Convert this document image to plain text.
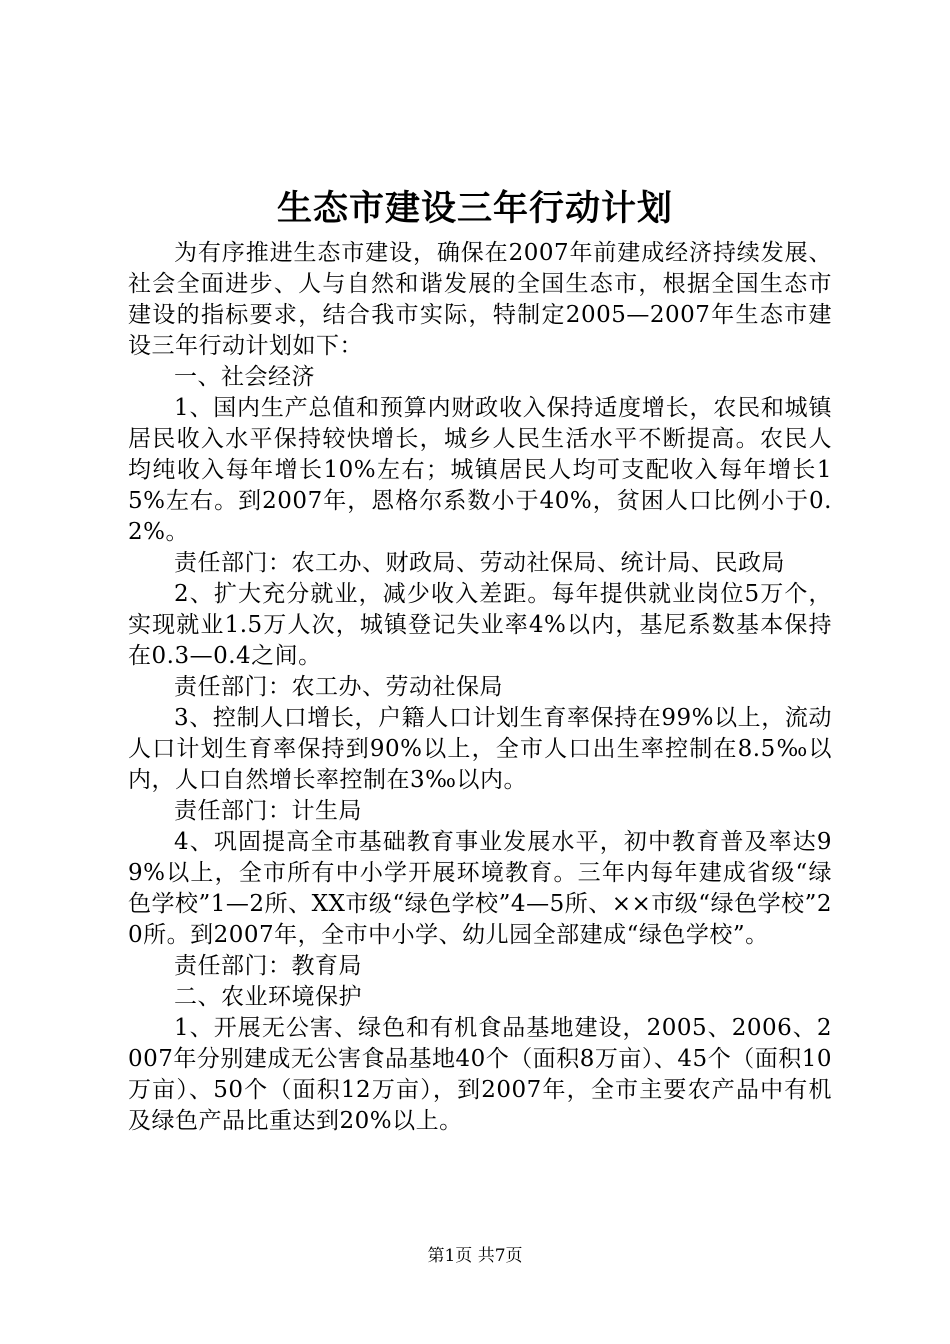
生态市建设三年行动计划

为有序推进生态市建设，确保在2007年前建成经济持续发展、社会全面进步、人与自然和谐发展的全国生态市，根据全国生态市建设的指标要求，结合我市实际，特制定2005—2007年生态市建设三年行动计划如下：

一、社会经济

1、国内生产总值和预算内财政收入保持适度增长，农民和城镇居民收入水平保持较快增长，城乡人民生活水平不断提高。农民人均纯收入每年增长10%左右；城镇居民人均可支配收入每年增长15%左右。到2007年，恩格尔系数小于40%，贫困人口比例小于0.2%。

责任部门：农工办、财政局、劳动社保局、统计局、民政局

2、扩大充分就业，减少收入差距。每年提供就业岗位5万个，实现就业1.5万人次，城镇登记失业率4%以内，基尼系数基本保持在0.3—0.4之间。

责任部门：农工办、劳动社保局

3、控制人口增长，户籍人口计划生育率保持在99%以上，流动人口计划生育率保持到90%以上，全市人口出生率控制在8.5‰以内，人口自然增长率控制在3‰以内。

责任部门：计生局

4、巩固提高全市基础教育事业发展水平，初中教育普及率达99%以上，全市所有中小学开展环境教育。三年内每年建成省级“绿色学校”1—2所、XX市级“绿色学校”4—5所、××市级“绿色学校”20所。到2007年，全市中小学、幼儿园全部建成“绿色学校”。

责任部门：教育局

二、农业环境保护

1、开展无公害、绿色和有机食品基地建设，2005、2006、2007年分别建成无公害食品基地40个（面积8万亩）、45个（面积10万亩）、50个（面积12万亩），到2007年，全市主要农产品中有机及绿色产品比重达到20%以上。

第1页 共7页
